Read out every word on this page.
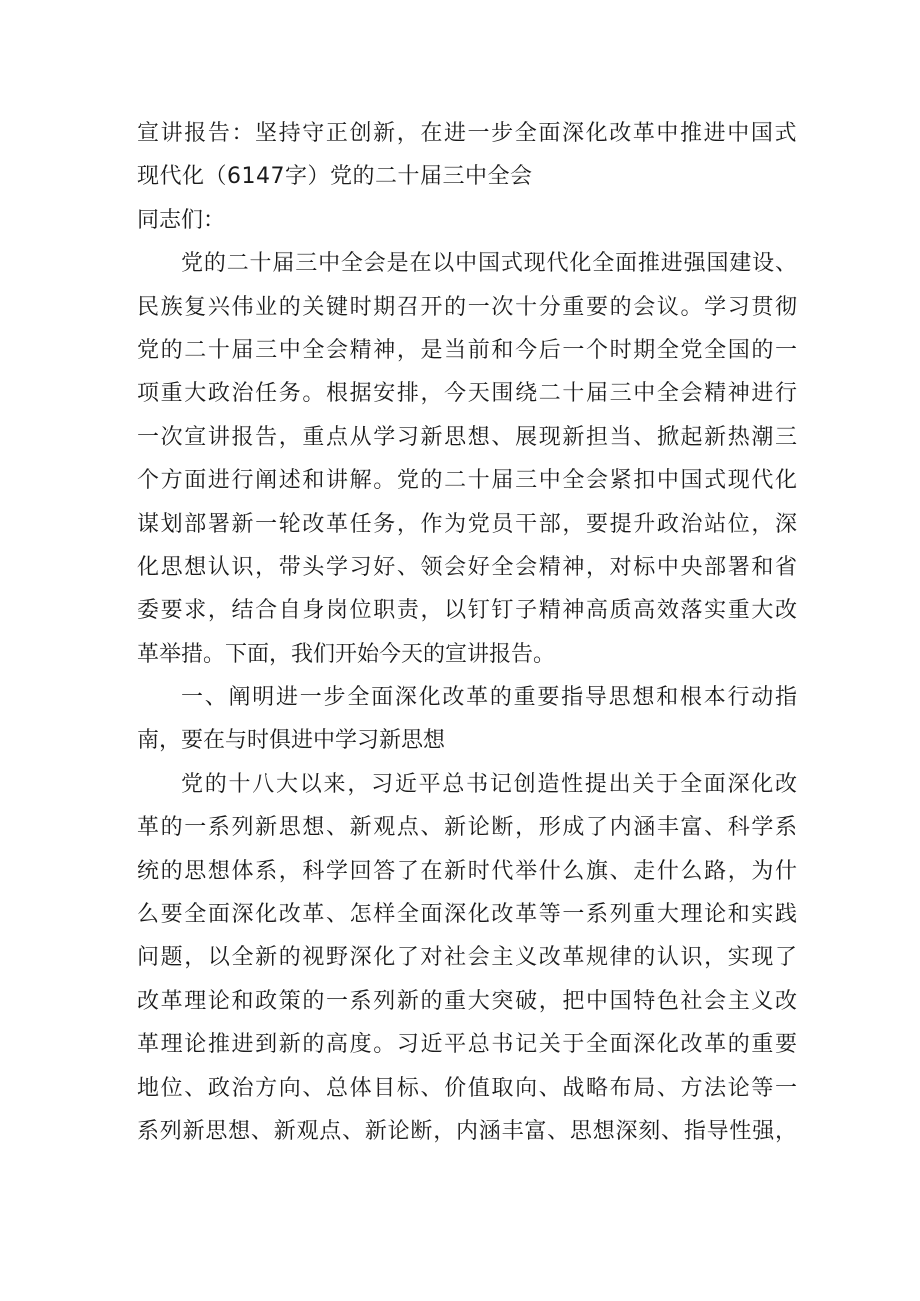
宣讲报告：坚持守正创新，在进一步全面深化改革中推进中国式
现代化（6147字）党的二十届三中全会
同志们：
党的二十届三中全会是在以中国式现代化全面推进强国建设、
民族复兴伟业的关键时期召开的一次十分重要的会议。学习贯彻
党的二十届三中全会精神，是当前和今后一个时期全党全国的一
项重大政治任务。根据安排，今天围绕二十届三中全会精神进行
一次宣讲报告，重点从学习新思想、展现新担当、掀起新热潮三
个方面进行阐述和讲解。党的二十届三中全会紧扣中国式现代化
谋划部署新一轮改革任务，作为党员干部，要提升政治站位，深
化思想认识，带头学习好、领会好全会精神，对标中央部署和省
委要求，结合自身岗位职责，以钉钉子精神高质高效落实重大改
革举措。下面，我们开始今天的宣讲报告。
一、阐明进一步全面深化改革的重要指导思想和根本行动指
南，要在与时俱进中学习新思想
党的十八大以来，习近平总书记创造性提出关于全面深化改
革的一系列新思想、新观点、新论断，形成了内涵丰富、科学系
统的思想体系，科学回答了在新时代举什么旗、走什么路，为什
么要全面深化改革、怎样全面深化改革等一系列重大理论和实践
问题，以全新的视野深化了对社会主义改革规律的认识，实现了
改革理论和政策的一系列新的重大突破，把中国特色社会主义改
革理论推进到新的高度。习近平总书记关于全面深化改革的重要
地位、政治方向、总体目标、价值取向、战略布局、方法论等一
系列新思想、新观点、新论断，内涵丰富、思想深刻、指导性强，
